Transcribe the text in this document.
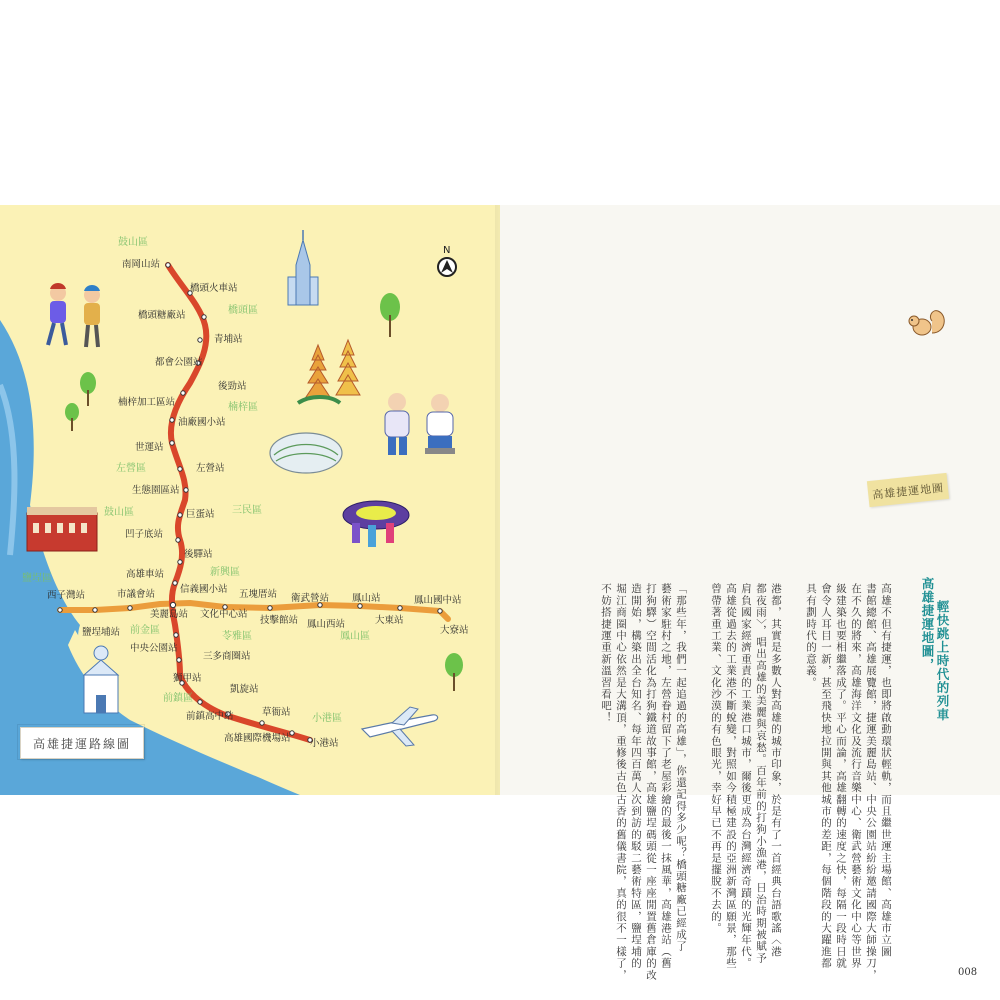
南岡山站
橋頭火車站
橋頭糖廠站
青埔站
都會公園站
後勁站
楠梓加工區站
油廠國小站
世運站
左營站
生態園區站
巨蛋站
凹子底站
後驛站
高雄車站
美麗島站
中央公園站
三多商圈站
獅甲站
凱旋站
前鎮高中站	草衙站
高雄國際機場站 小港站
西子灣站
鹽埕埔站
市議會站	信義國小站
文化中心站
五塊厝站
技擊館站
衛武營站
鳳山西站
鳳山站
大東站
鳳山國中站
大寮站
鼓山區
橋頭區
楠梓區
左營區
鼓山區	三民區
新興區
鹽埕區
前金區
苓雅區	鳳山區
前鎮區
小港區
N
高雄捷運路線圖
高雄捷運地圖
高雄捷運地圖， 輕快跳上時代的列車
高雄不但有捷運，也即將啟動環狀輕軌，而且繼世運主場館、高雄市立圖
書館總館、高雄展覽館，捷運美麗島站、中央公園站紛紛邀請國際大師操刀，
在不久的將來，高雄海洋文化及流行音樂中心、衛武營藝術文化中心等世界
級建築也要相繼落成了。平心而論，高雄翻轉的速度之快，每隔一段時日就
會令人耳目一新，甚至飛快地拉開與其他城市的差距，每個階段的大躍進都
具有劃時代的意義。
港都，其實是多數人對高雄的城市印象，於是有了一首經典台語歌謠〈港
都夜雨〉，唱出高雄的美麗與哀愁。百年前的打狗小漁港，日治時期被賦予
肩負國家經濟重責的工業港口城市，爾後更成為台灣經濟奇蹟的光輝年代。
高雄從過去的工業港不斷蛻變，對照如今積極建設的亞洲新灣區願景，那些
曾帶著重工業、文化沙漠的有色眼光，幸好早已不再是擺脫不去的。
「那些年，我們一起追過的高雄」，你還記得多少呢？橋頭糖廠已經成了
藝術家駐村之地，左營眷村留下了老屋彩繪的最後一抹風華，高雄港站（舊
打狗驛）空間活化為打狗鐵道故事館，高雄鹽埕碼頭從一座座閒置舊倉庫的改
造開始，構築出全台知名、每年四百萬人次到訪的駁二藝術特區，鹽埕埔的
堀江商圈中心依然是大溝頂，重修後古色古香的舊儀書院，真的很不一樣了，
不妨搭捷運重新溫習看吧！
008
